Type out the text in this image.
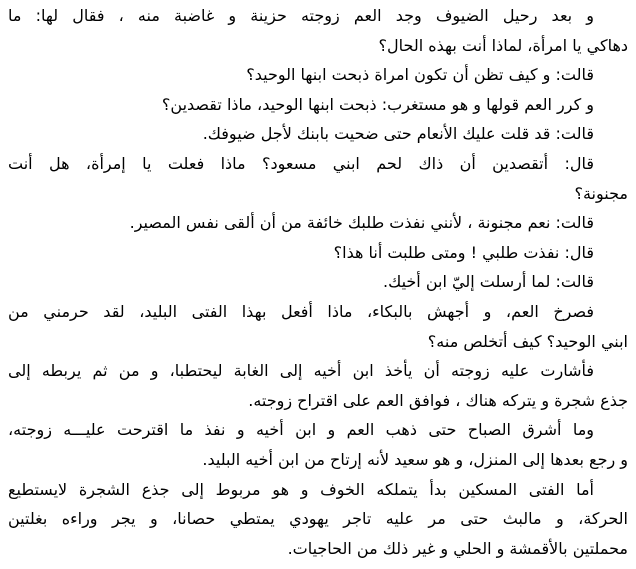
و بعد رحيل الضيوف وجد العم زوجته حزينة و غاضبة منه ، فقال لها: ما
دهاكي يا امرأة، لماذا أنت بهذه الحال؟
قالت: و كيف تظن أن تكون امراة ذبحت ابنها الوحيد؟
و كرر العم قولها و هو مستغرب: ذبحت ابنها الوحيد، ماذا تقصدين؟
قالت: قد قلت عليك الأنعام حتى ضحيت بابنك لأجل ضيوفك.
قال: أتقصدين أن ذاك لحم ابني مسعود؟ ماذا فعلت يا إمرأة، هل أنت
مجنونة؟
قالت: نعم مجنونة ، لأنني نفذت طلبك خائفة من أن ألقى نفس المصير.
قال: نفذت طلبي ! ومتى طلبت أنا هذا؟
قالت: لما أرسلت إليّ ابن أخيك.
فصرخ العم، و أجهش بالبكاء، ماذا أفعل بهذا الفتى البليد، لقد حرمني من
ابني الوحيد؟ كيف أتخلص منه؟
فأشارت عليه زوجته أن يأخذ ابن أخيه إلى الغابة ليحتطبا، و من ثم يربطه إلى
جذع شجرة و يتركه هناك ، فوافق العم على اقتراح زوجته.
وما أشرق الصباح حتى ذهب العم و ابن أخيه و نفذ ما اقترحت عليـــه زوجته،
و رجع بعدها إلى المنزل، و هو سعيد لأنه إرتاح من ابن أخيه البليد.
أما الفتى المسكين بدأ يتملكه الخوف و هو مربوط إلى جذع الشجرة لايستطيع
الحركة، و مالبث حتى مر عليه تاجر يهودي يمتطي حصانا، و يجر وراءه بغلتين
محملتين بالأقمشة و الحلي و غير ذلك من الحاجيات.
